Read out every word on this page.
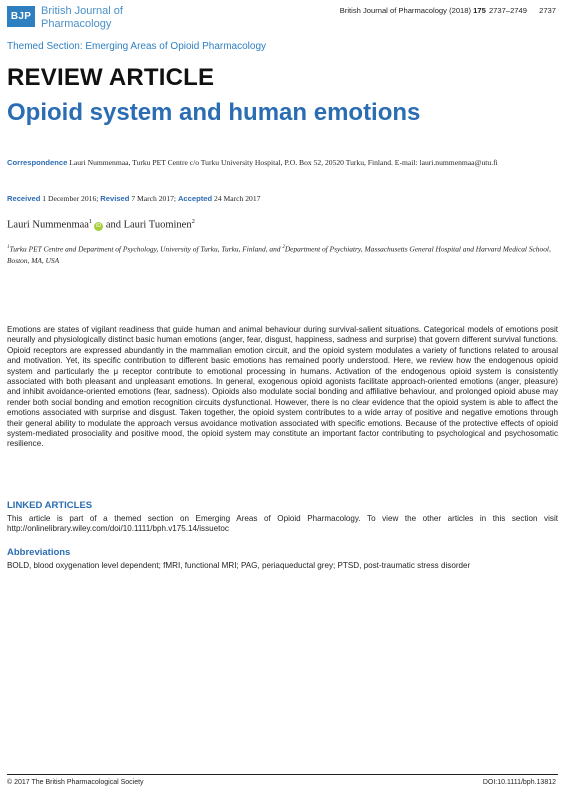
BJP British Journal of
Pharmacology
British Journal of Pharmacology (2018) 175 2737–2749 2737
Themed Section: Emerging Areas of Opioid Pharmacology
REVIEW ARTICLE
Opioid system and human emotions
Correspondence Lauri Nummenmaa, Turku PET Centre c/o Turku University Hospital, P.O. Box 52, 20520 Turku, Finland. E-mail: lauri.nummenmaa@utu.fi
Received 1 December 2016; Revised 7 March 2017; Accepted 24 March 2017
Lauri Nummenmaa$^1$iD and Lauri Tuominen$^2$
$^1$Turku PET Centre and Department of Psychology, University of Turku, Turku, Finland, and $^2$Department of Psychiatry, Massachusetts General Hospital and Harvard Medical School, Boston, MA, USA
Emotions are states of vigilant readiness that guide human and animal behaviour during survival-salient situations. Categorical models of emotions posit neurally and physiologically distinct basic human emotions (anger, fear, disgust, happiness, sadness and surprise) that govern different survival functions. Opioid receptors are expressed abundantly in the mammalian emotion circuit, and the opioid system modulates a variety of functions related to arousal and motivation. Yet, its specific contribution to different basic emotions has remained poorly understood. Here, we review how the endogenous opioid system and particularly the μ receptor contribute to emotional processing in humans. Activation of the endogenous opioid system is consistently associated with both pleasant and unpleasant emotions. In general, exogenous opioid agonists facilitate approach-oriented emotions (anger, pleasure) and inhibit avoidance-oriented emotions (fear, sadness). Opioids also modulate social bonding and affiliative behaviour, and prolonged opioid abuse may render both social bonding and emotion recognition circuits dysfunctional. However, there is no clear evidence that the opioid system is able to affect the emotions associated with surprise and disgust. Taken together, the opioid system contributes to a wide array of positive and negative emotions through their general ability to modulate the approach versus avoidance motivation associated with specific emotions. Because of the protective effects of opioid system-mediated prosociality and positive mood, the opioid system may constitute an important factor contributing to psychological and psychosomatic resilience.
LINKED ARTICLES
This article is part of a themed section on Emerging Areas of Opioid Pharmacology. To view the other articles in this section visit http://onlinelibrary.wiley.com/doi/10.1111/bph.v175.14/issuetoc
Abbreviations
BOLD, blood oxygenation level dependent; fMRI, functional MRI; PAG, periaqueductal grey; PTSD, post-traumatic stress disorder
© 2017 The British Pharmacological Society	DOI:10.1111/bph.13812
